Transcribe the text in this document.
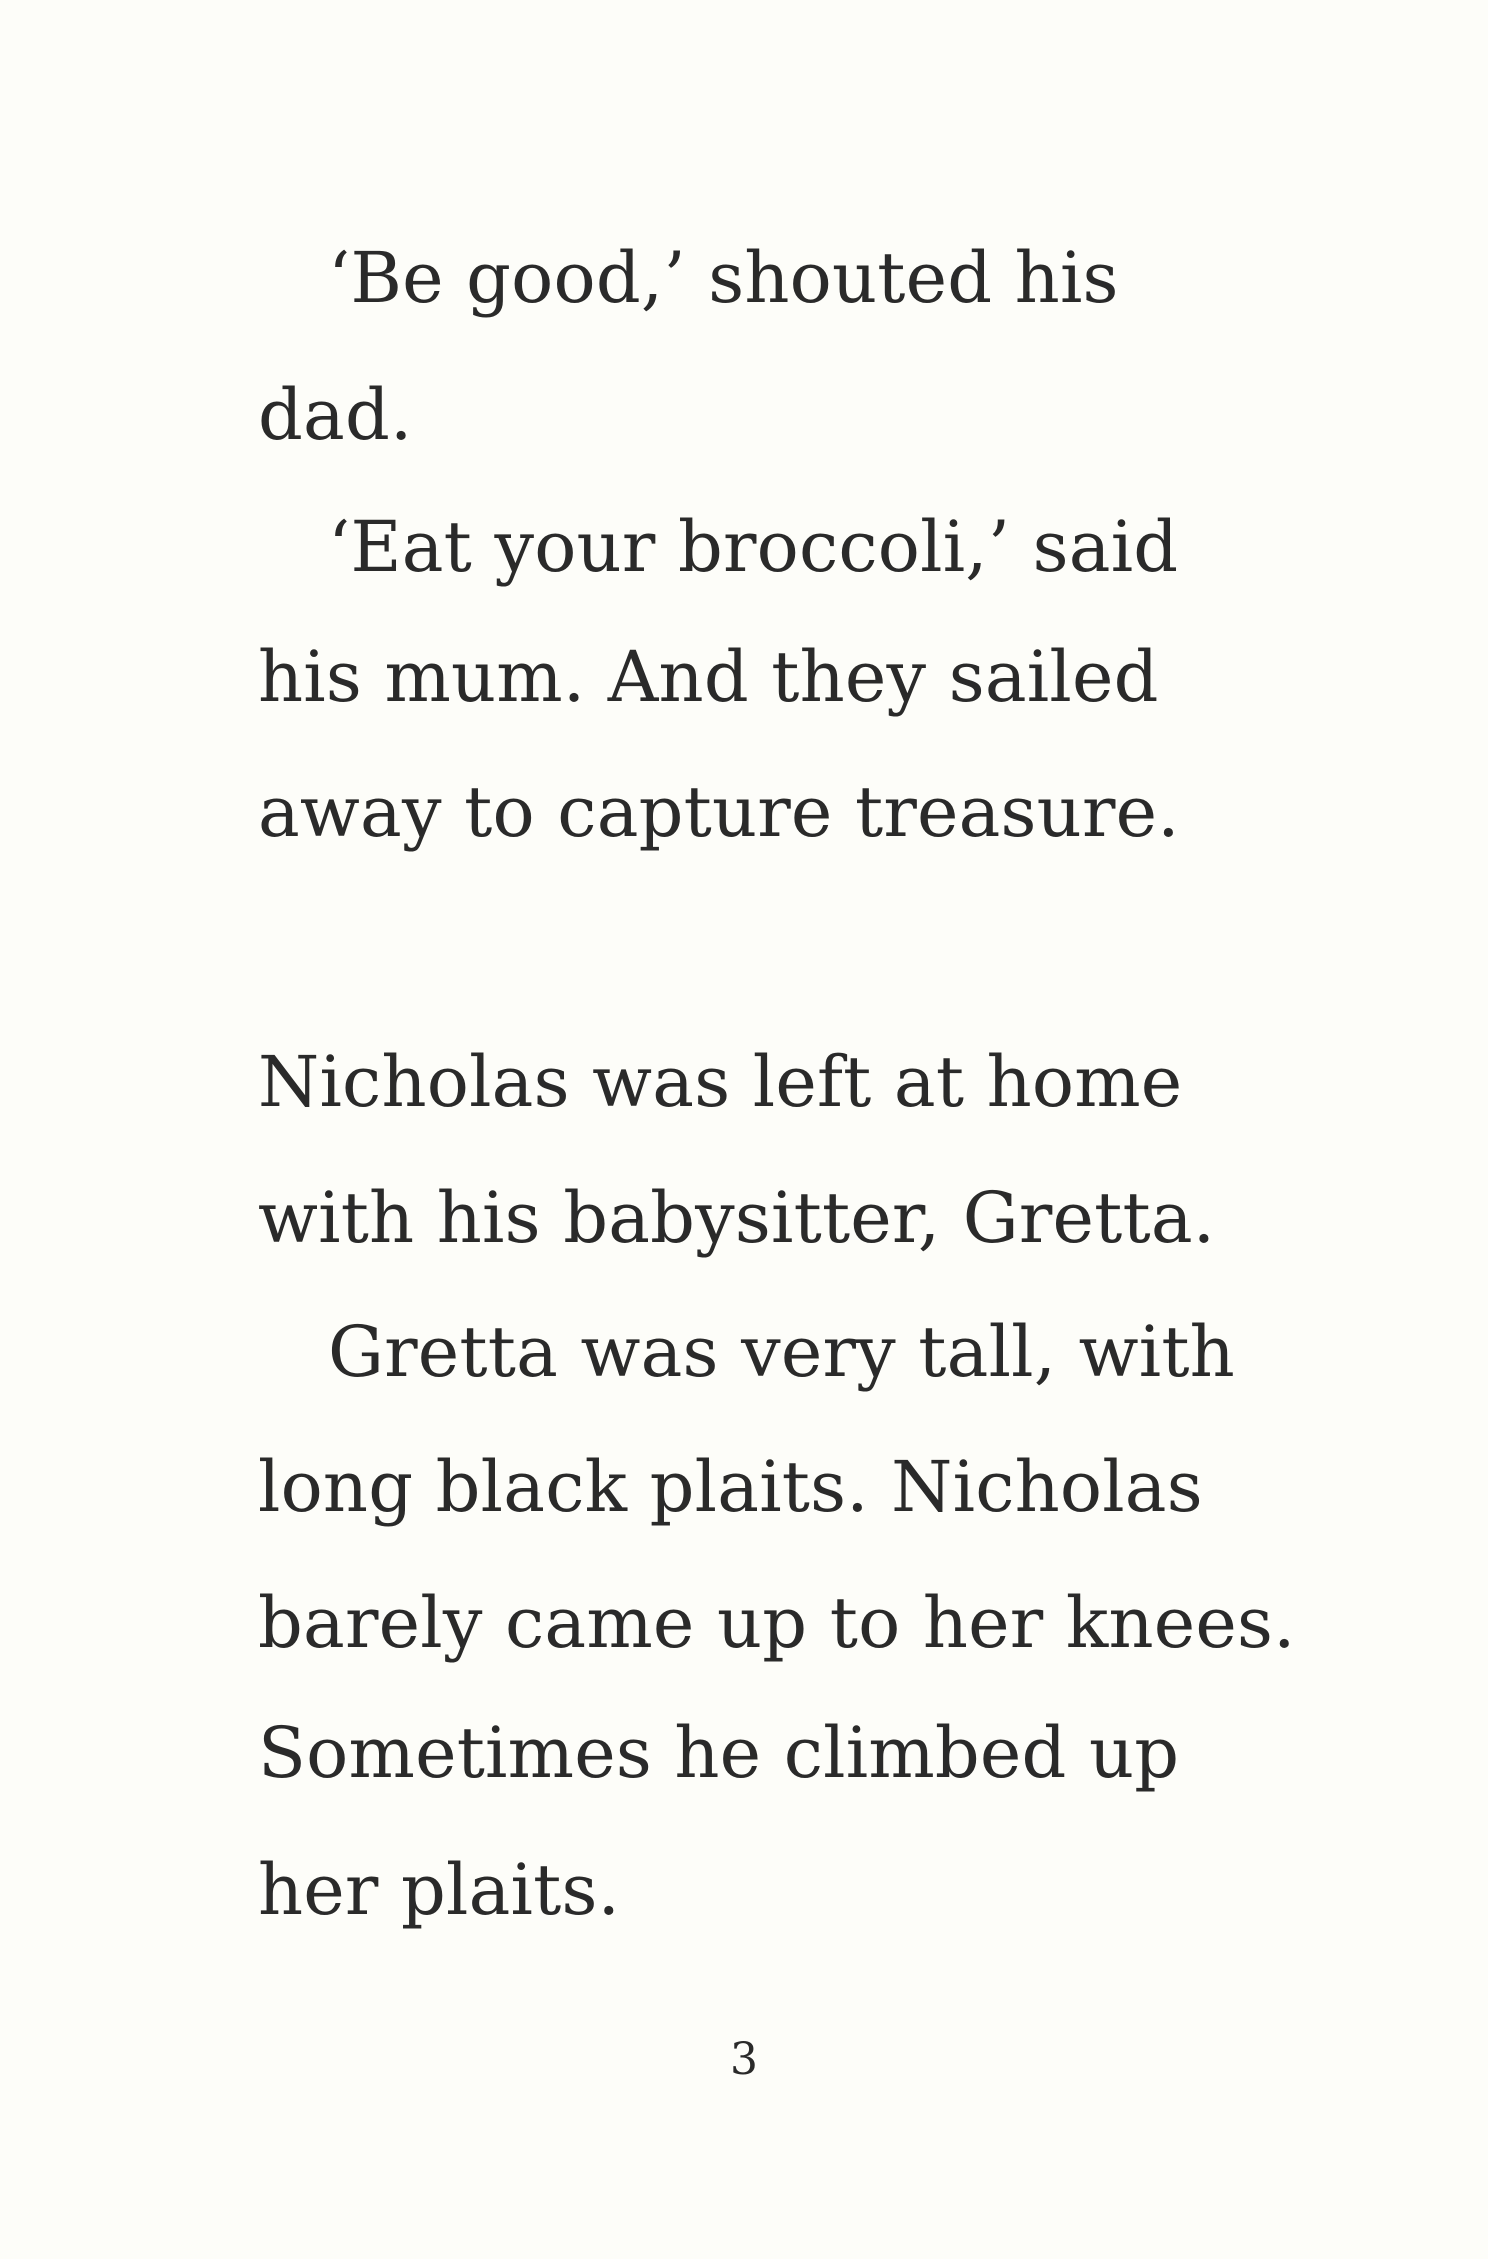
‘Be good,’ shouted his
dad.
‘Eat your broccoli,’ said
his mum. And they sailed
away to capture treasure.
Nicholas was left at home
with his babysitter, Gretta.
Gretta was very tall, with
long black plaits. Nicholas
barely came up to her knees.
Sometimes he climbed up
her plaits.
3
